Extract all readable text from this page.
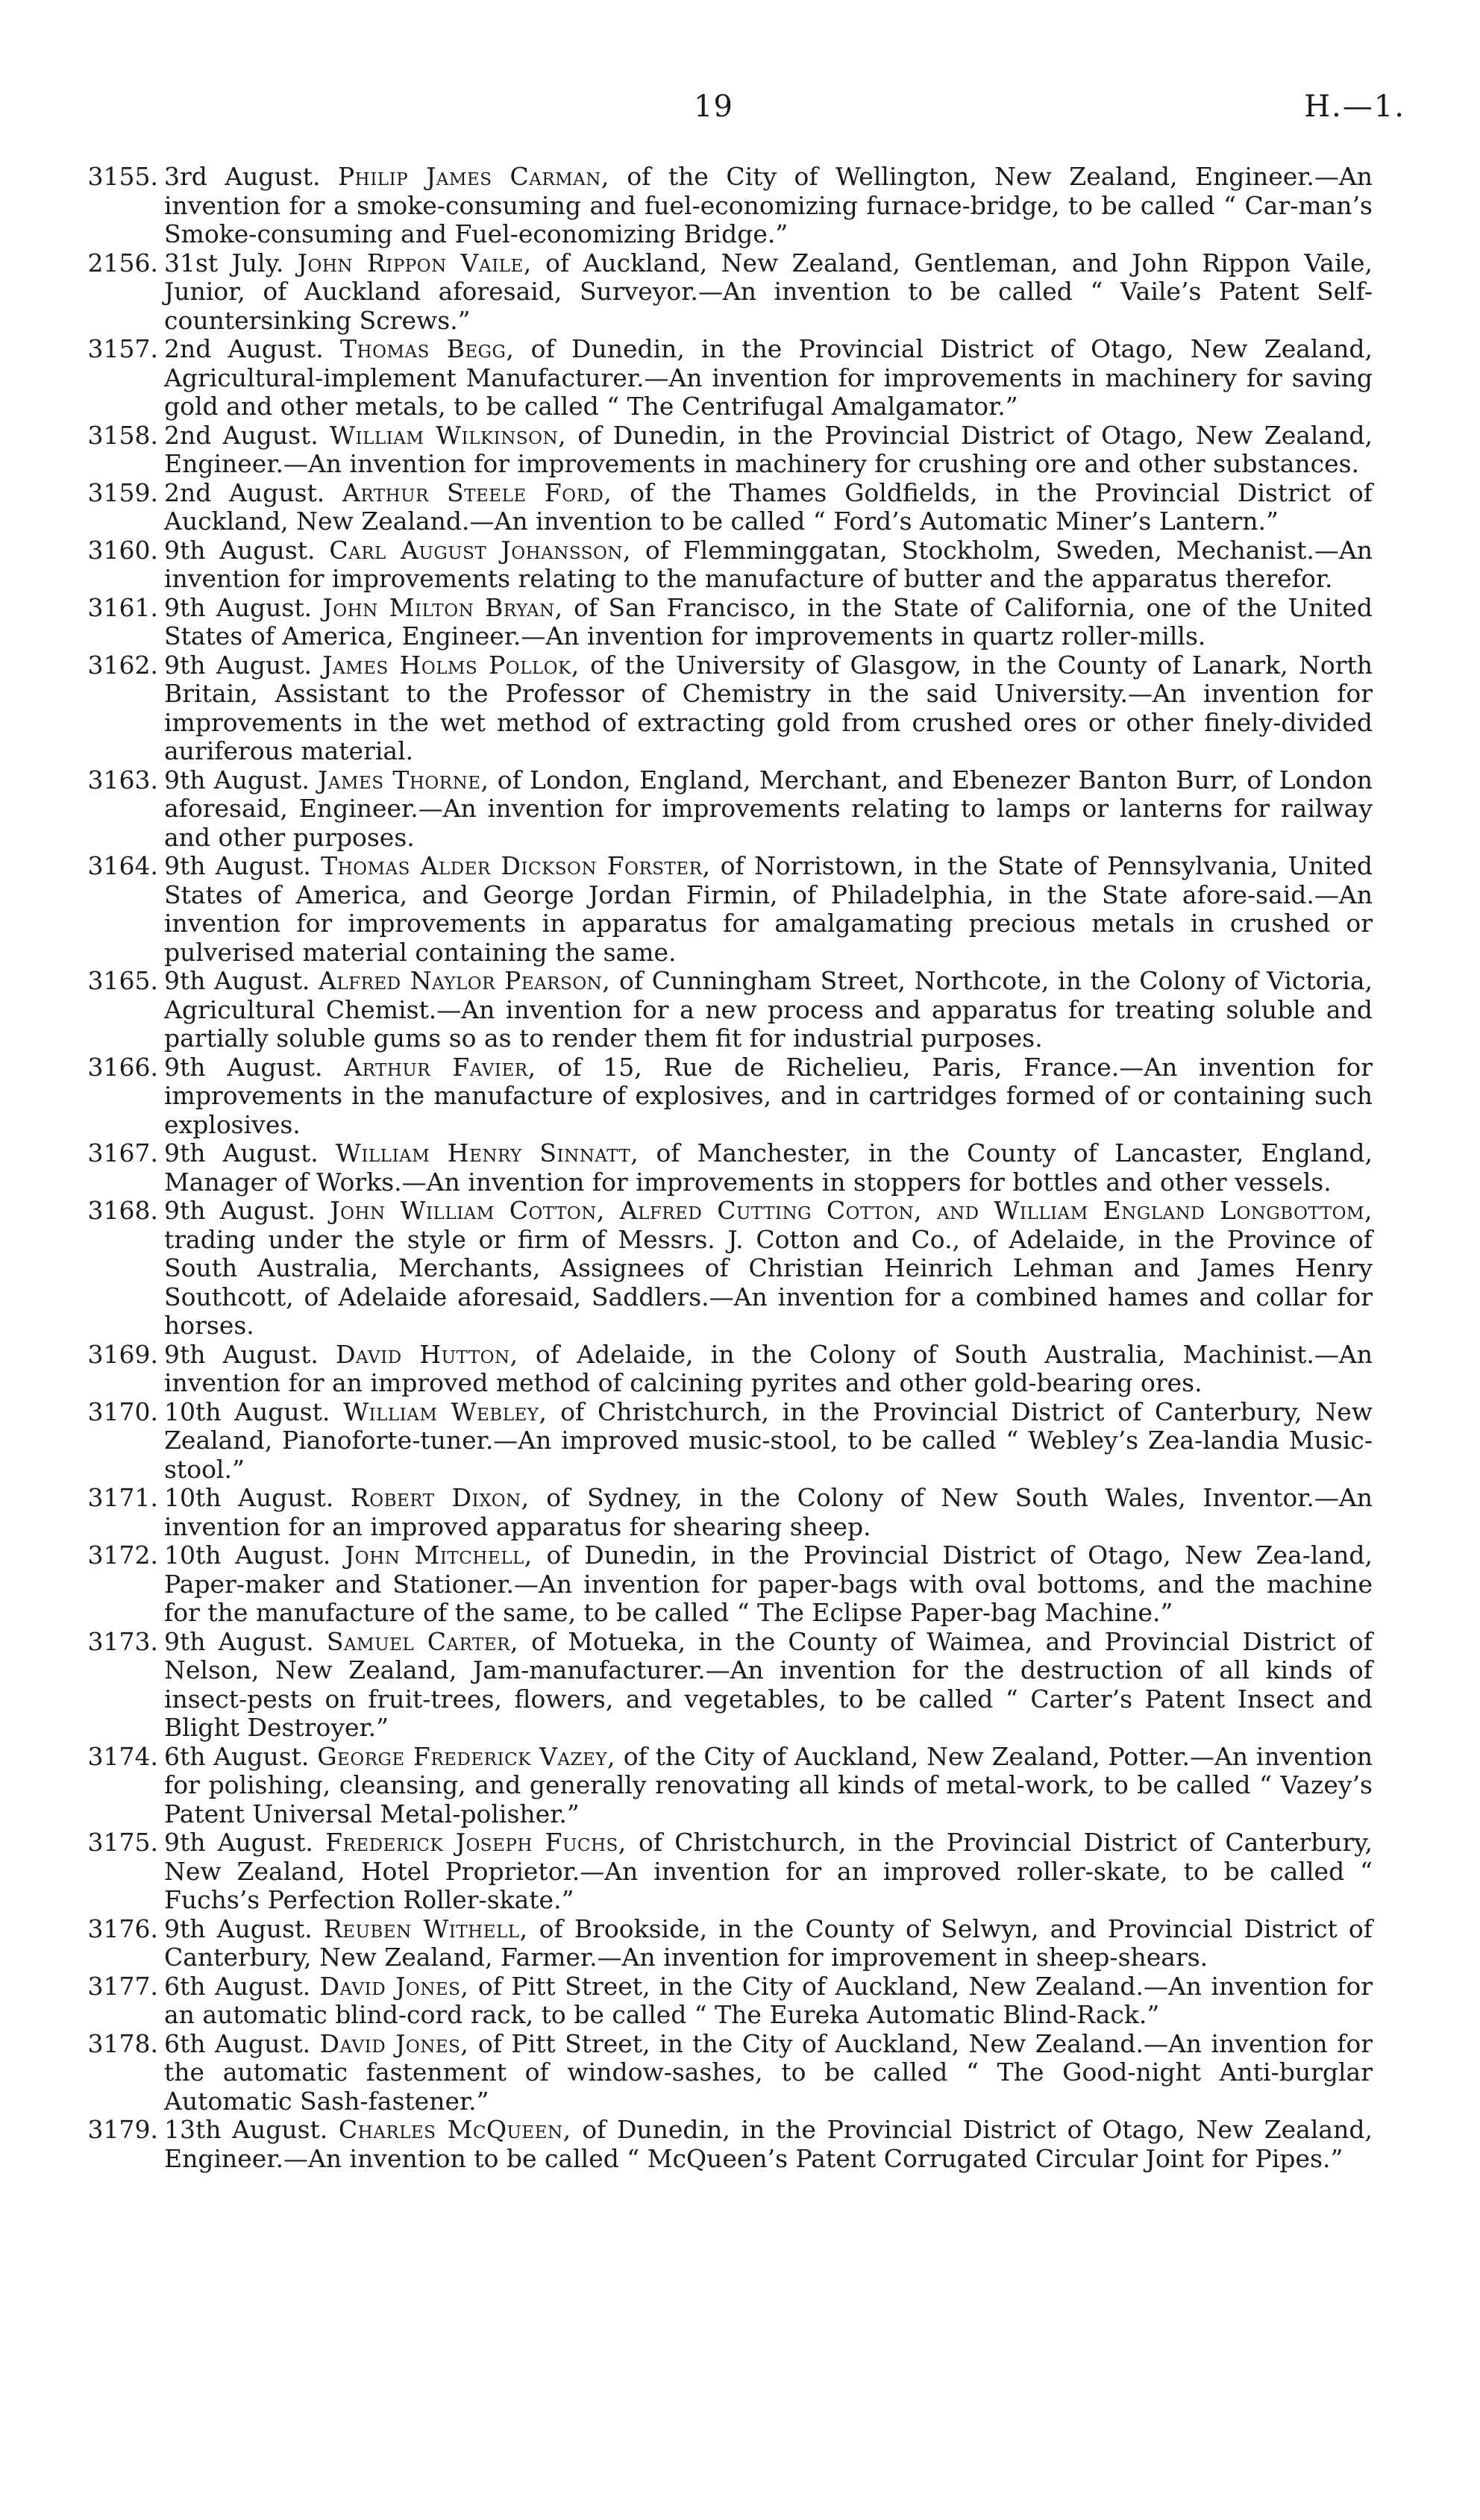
19	H.—1.
3155. 3rd August. Philip James Carman, of the City of Wellington, New Zealand, Engineer.—An invention for a smoke-consuming and fuel-economizing furnace-bridge, to be called “ Car-man’s Smoke-consuming and Fuel-economizing Bridge.”
2156. 31st July. John Rippon Vaile, of Auckland, New Zealand, Gentleman, and John Rippon Vaile, Junior, of Auckland aforesaid, Surveyor.—An invention to be called “ Vaile’s Patent Self-countersinking Screws.”
3157. 2nd August. Thomas Begg, of Dunedin, in the Provincial District of Otago, New Zealand, Agricultural-implement Manufacturer.—An invention for improvements in machinery for saving gold and other metals, to be called “ The Centrifugal Amalgamator.”
3158. 2nd August. William Wilkinson, of Dunedin, in the Provincial District of Otago, New Zealand, Engineer.—An invention for improvements in machinery for crushing ore and other substances.
3159. 2nd August. Arthur Steele Ford, of the Thames Goldfields, in the Provincial District of Auckland, New Zealand.—An invention to be called “ Ford’s Automatic Miner’s Lantern.”
3160. 9th August. Carl August Johansson, of Flemminggatan, Stockholm, Sweden, Mechanist.—An invention for improvements relating to the manufacture of butter and the apparatus therefor.
3161. 9th August. John Milton Bryan, of San Francisco, in the State of California, one of the United States of America, Engineer.—An invention for improvements in quartz roller-mills.
3162. 9th August. James Holms Pollok, of the University of Glasgow, in the County of Lanark, North Britain, Assistant to the Professor of Chemistry in the said University.—An invention for improvements in the wet method of extracting gold from crushed ores or other finely-divided auriferous material.
3163. 9th August. James Thorne, of London, England, Merchant, and Ebenezer Banton Burr, of London aforesaid, Engineer.—An invention for improvements relating to lamps or lanterns for railway and other purposes.
3164. 9th August. Thomas Alder Dickson Forster, of Norristown, in the State of Pennsylvania, United States of America, and George Jordan Firmin, of Philadelphia, in the State afore-said.—An invention for improvements in apparatus for amalgamating precious metals in crushed or pulverised material containing the same.
3165. 9th August. Alfred Naylor Pearson, of Cunningham Street, Northcote, in the Colony of Victoria, Agricultural Chemist.—An invention for a new process and apparatus for treating soluble and partially soluble gums so as to render them fit for industrial purposes.
3166. 9th August. Arthur Favier, of 15, Rue de Richelieu, Paris, France.—An invention for improvements in the manufacture of explosives, and in cartridges formed of or containing such explosives.
3167. 9th August. William Henry Sinnatt, of Manchester, in the County of Lancaster, England, Manager of Works.—An invention for improvements in stoppers for bottles and other vessels.
3168. 9th August. John William Cotton, Alfred Cutting Cotton, and William England Longbottom, trading under the style or firm of Messrs. J. Cotton and Co., of Adelaide, in the Province of South Australia, Merchants, Assignees of Christian Heinrich Lehman and James Henry Southcott, of Adelaide aforesaid, Saddlers.—An invention for a combined hames and collar for horses.
3169. 9th August. David Hutton, of Adelaide, in the Colony of South Australia, Machinist.—An invention for an improved method of calcining pyrites and other gold-bearing ores.
3170. 10th August. William Webley, of Christchurch, in the Provincial District of Canterbury, New Zealand, Pianoforte-tuner.—An improved music-stool, to be called “ Webley’s Zea-landia Music-stool.”
3171. 10th August. Robert Dixon, of Sydney, in the Colony of New South Wales, Inventor.—An invention for an improved apparatus for shearing sheep.
3172. 10th August. John Mitchell, of Dunedin, in the Provincial District of Otago, New Zea-land, Paper-maker and Stationer.—An invention for paper-bags with oval bottoms, and the machine for the manufacture of the same, to be called “ The Eclipse Paper-bag Machine.”
3173. 9th August. Samuel Carter, of Motueka, in the County of Waimea, and Provincial District of Nelson, New Zealand, Jam-manufacturer.—An invention for the destruction of all kinds of insect-pests on fruit-trees, flowers, and vegetables, to be called “ Carter’s Patent Insect and Blight Destroyer.”
3174. 6th August. George Frederick Vazey, of the City of Auckland, New Zealand, Potter.—An invention for polishing, cleansing, and generally renovating all kinds of metal-work, to be called “ Vazey’s Patent Universal Metal-polisher.”
3175. 9th August. Frederick Joseph Fuchs, of Christchurch, in the Provincial District of Canterbury, New Zealand, Hotel Proprietor.—An invention for an improved roller-skate, to be called “ Fuchs’s Perfection Roller-skate.”
3176. 9th August. Reuben Withell, of Brookside, in the County of Selwyn, and Provincial District of Canterbury, New Zealand, Farmer.—An invention for improvement in sheep-shears.
3177. 6th August. David Jones, of Pitt Street, in the City of Auckland, New Zealand.—An invention for an automatic blind-cord rack, to be called “ The Eureka Automatic Blind-Rack.”
3178. 6th August. David Jones, of Pitt Street, in the City of Auckland, New Zealand.—An invention for the automatic fastenment of window-sashes, to be called “ The Good-night Anti-burglar Automatic Sash-fastener.”
3179. 13th August. Charles McQueen, of Dunedin, in the Provincial District of Otago, New Zealand, Engineer.—An invention to be called “ McQueen’s Patent Corrugated Circular Joint for Pipes.”
